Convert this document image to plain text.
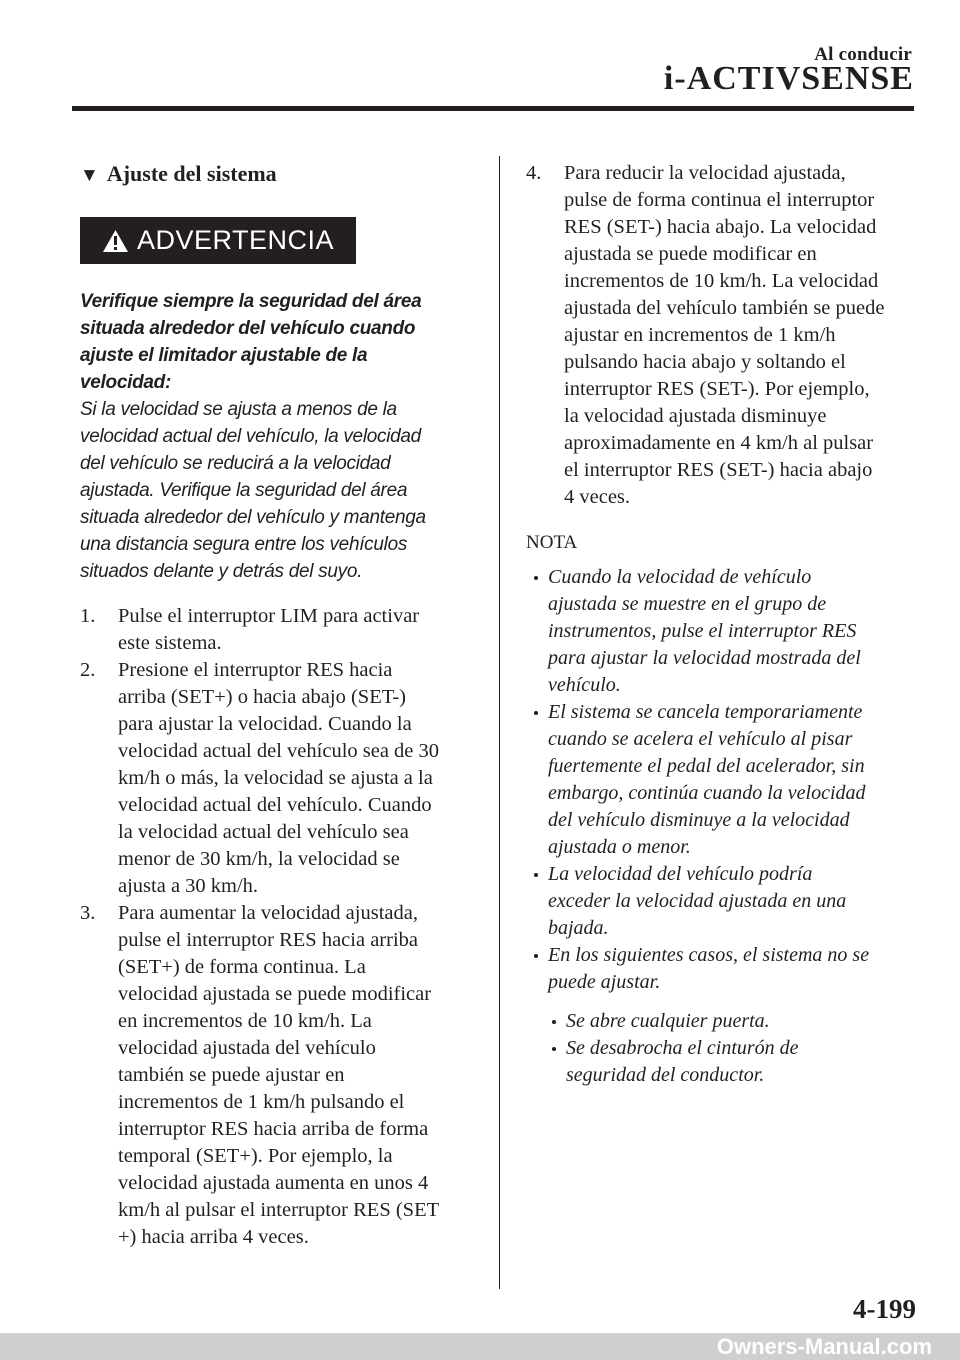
Al conducir
i-ACTIVSENSE
▼ Ajuste del sistema
ADVERTENCIA
Verifique siempre la seguridad del área
situada alrededor del vehículo cuando
ajuste el limitador ajustable de la
velocidad:
Si la velocidad se ajusta a menos de la
velocidad actual del vehículo, la velocidad
del vehículo se reducirá a la velocidad
ajustada. Verifique la seguridad del área
situada alrededor del vehículo y mantenga
una distancia segura entre los vehículos
situados delante y detrás del suyo.
1. Pulse el interruptor LIM para activar
este sistema.
2. Presione el interruptor RES hacia
arriba (SET+) o hacia abajo (SET-)
para ajustar la velocidad. Cuando la
velocidad actual del vehículo sea de 30
km/h o más, la velocidad se ajusta a la
velocidad actual del vehículo. Cuando
la velocidad actual del vehículo sea
menor de 30 km/h, la velocidad se
ajusta a 30 km/h.
3. Para aumentar la velocidad ajustada,
pulse el interruptor RES hacia arriba
(SET+) de forma continua. La
velocidad ajustada se puede modificar
en incrementos de 10 km/h. La
velocidad ajustada del vehículo
también se puede ajustar en
incrementos de 1 km/h pulsando el
interruptor RES hacia arriba de forma
temporal (SET+). Por ejemplo, la
velocidad ajustada aumenta en unos 4
km/h al pulsar el interruptor RES (SET
+) hacia arriba 4 veces.
4. Para reducir la velocidad ajustada,
pulse de forma continua el interruptor
RES (SET-) hacia abajo. La velocidad
ajustada se puede modificar en
incrementos de 10 km/h. La velocidad
ajustada del vehículo también se puede
ajustar en incrementos de 1 km/h
pulsando hacia abajo y soltando el
interruptor RES (SET-). Por ejemplo,
la velocidad ajustada disminuye
aproximadamente en 4 km/h al pulsar
el interruptor RES (SET-) hacia abajo
4 veces.
NOTA
Cuando la velocidad de vehículo
ajustada se muestre en el grupo de
instrumentos, pulse el interruptor RES
para ajustar la velocidad mostrada del
vehículo.
El sistema se cancela temporariamente
cuando se acelera el vehículo al pisar
fuertemente el pedal del acelerador, sin
embargo, continúa cuando la velocidad
del vehículo disminuye a la velocidad
ajustada o menor.
La velocidad del vehículo podría
exceder la velocidad ajustada en una
bajada.
En los siguientes casos, el sistema no se
puede ajustar.
Se abre cualquier puerta.
Se desabrocha el cinturón de
seguridad del conductor.
4-199
Owners-Manual.com
